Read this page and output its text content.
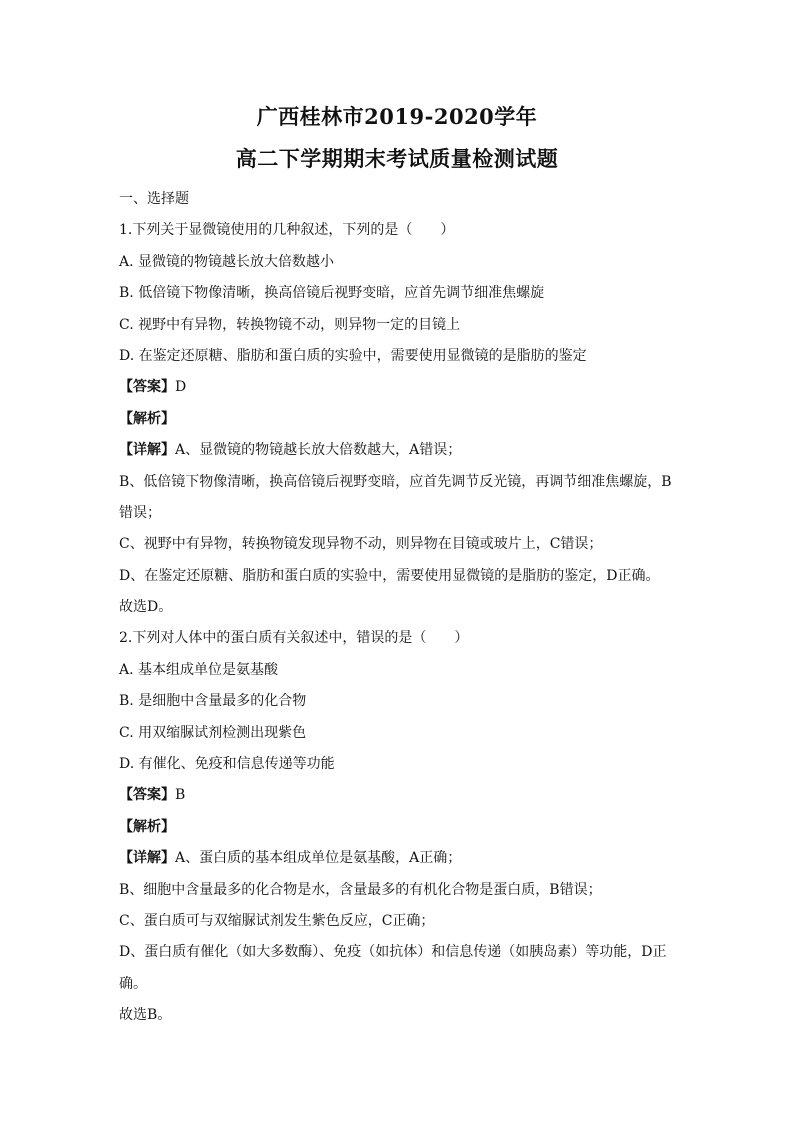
广西桂林市2019-2020学年
高二下学期期末考试质量检测试题
一、选择题
1.下列关于显微镜使用的几种叙述，下列的是（　　）
A. 显微镜的物镜越长放大倍数越小
B. 低倍镜下物像清晰，换高倍镜后视野变暗，应首先调节细准焦螺旋
C. 视野中有异物，转换物镜不动，则异物一定的目镜上
D. 在鉴定还原糖、脂肪和蛋白质的实验中，需要使用显微镜的是脂肪的鉴定
【答案】D
【解析】
【详解】A、显微镜的物镜越长放大倍数越大，A错误；
B、低倍镜下物像清晰，换高倍镜后视野变暗，应首先调节反光镜，再调节细准焦螺旋，B
错误；
C、视野中有异物，转换物镜发现异物不动，则异物在目镜或玻片上，C错误；
D、在鉴定还原糖、脂肪和蛋白质的实验中，需要使用显微镜的是脂肪的鉴定，D正确。
故选D。
2.下列对人体中的蛋白质有关叙述中，错误的是（　　）
A. 基本组成单位是氨基酸
B. 是细胞中含量最多的化合物
C. 用双缩脲试剂检测出现紫色
D. 有催化、免疫和信息传递等功能
【答案】B
【解析】
【详解】A、蛋白质的基本组成单位是氨基酸，A正确；
B、细胞中含量最多的化合物是水，含量最多的有机化合物是蛋白质，B错误；
C、蛋白质可与双缩脲试剂发生紫色反应，C正确；
D、蛋白质有催化（如大多数酶）、免疫（如抗体）和信息传递（如胰岛素）等功能，D正
确。
故选B。
